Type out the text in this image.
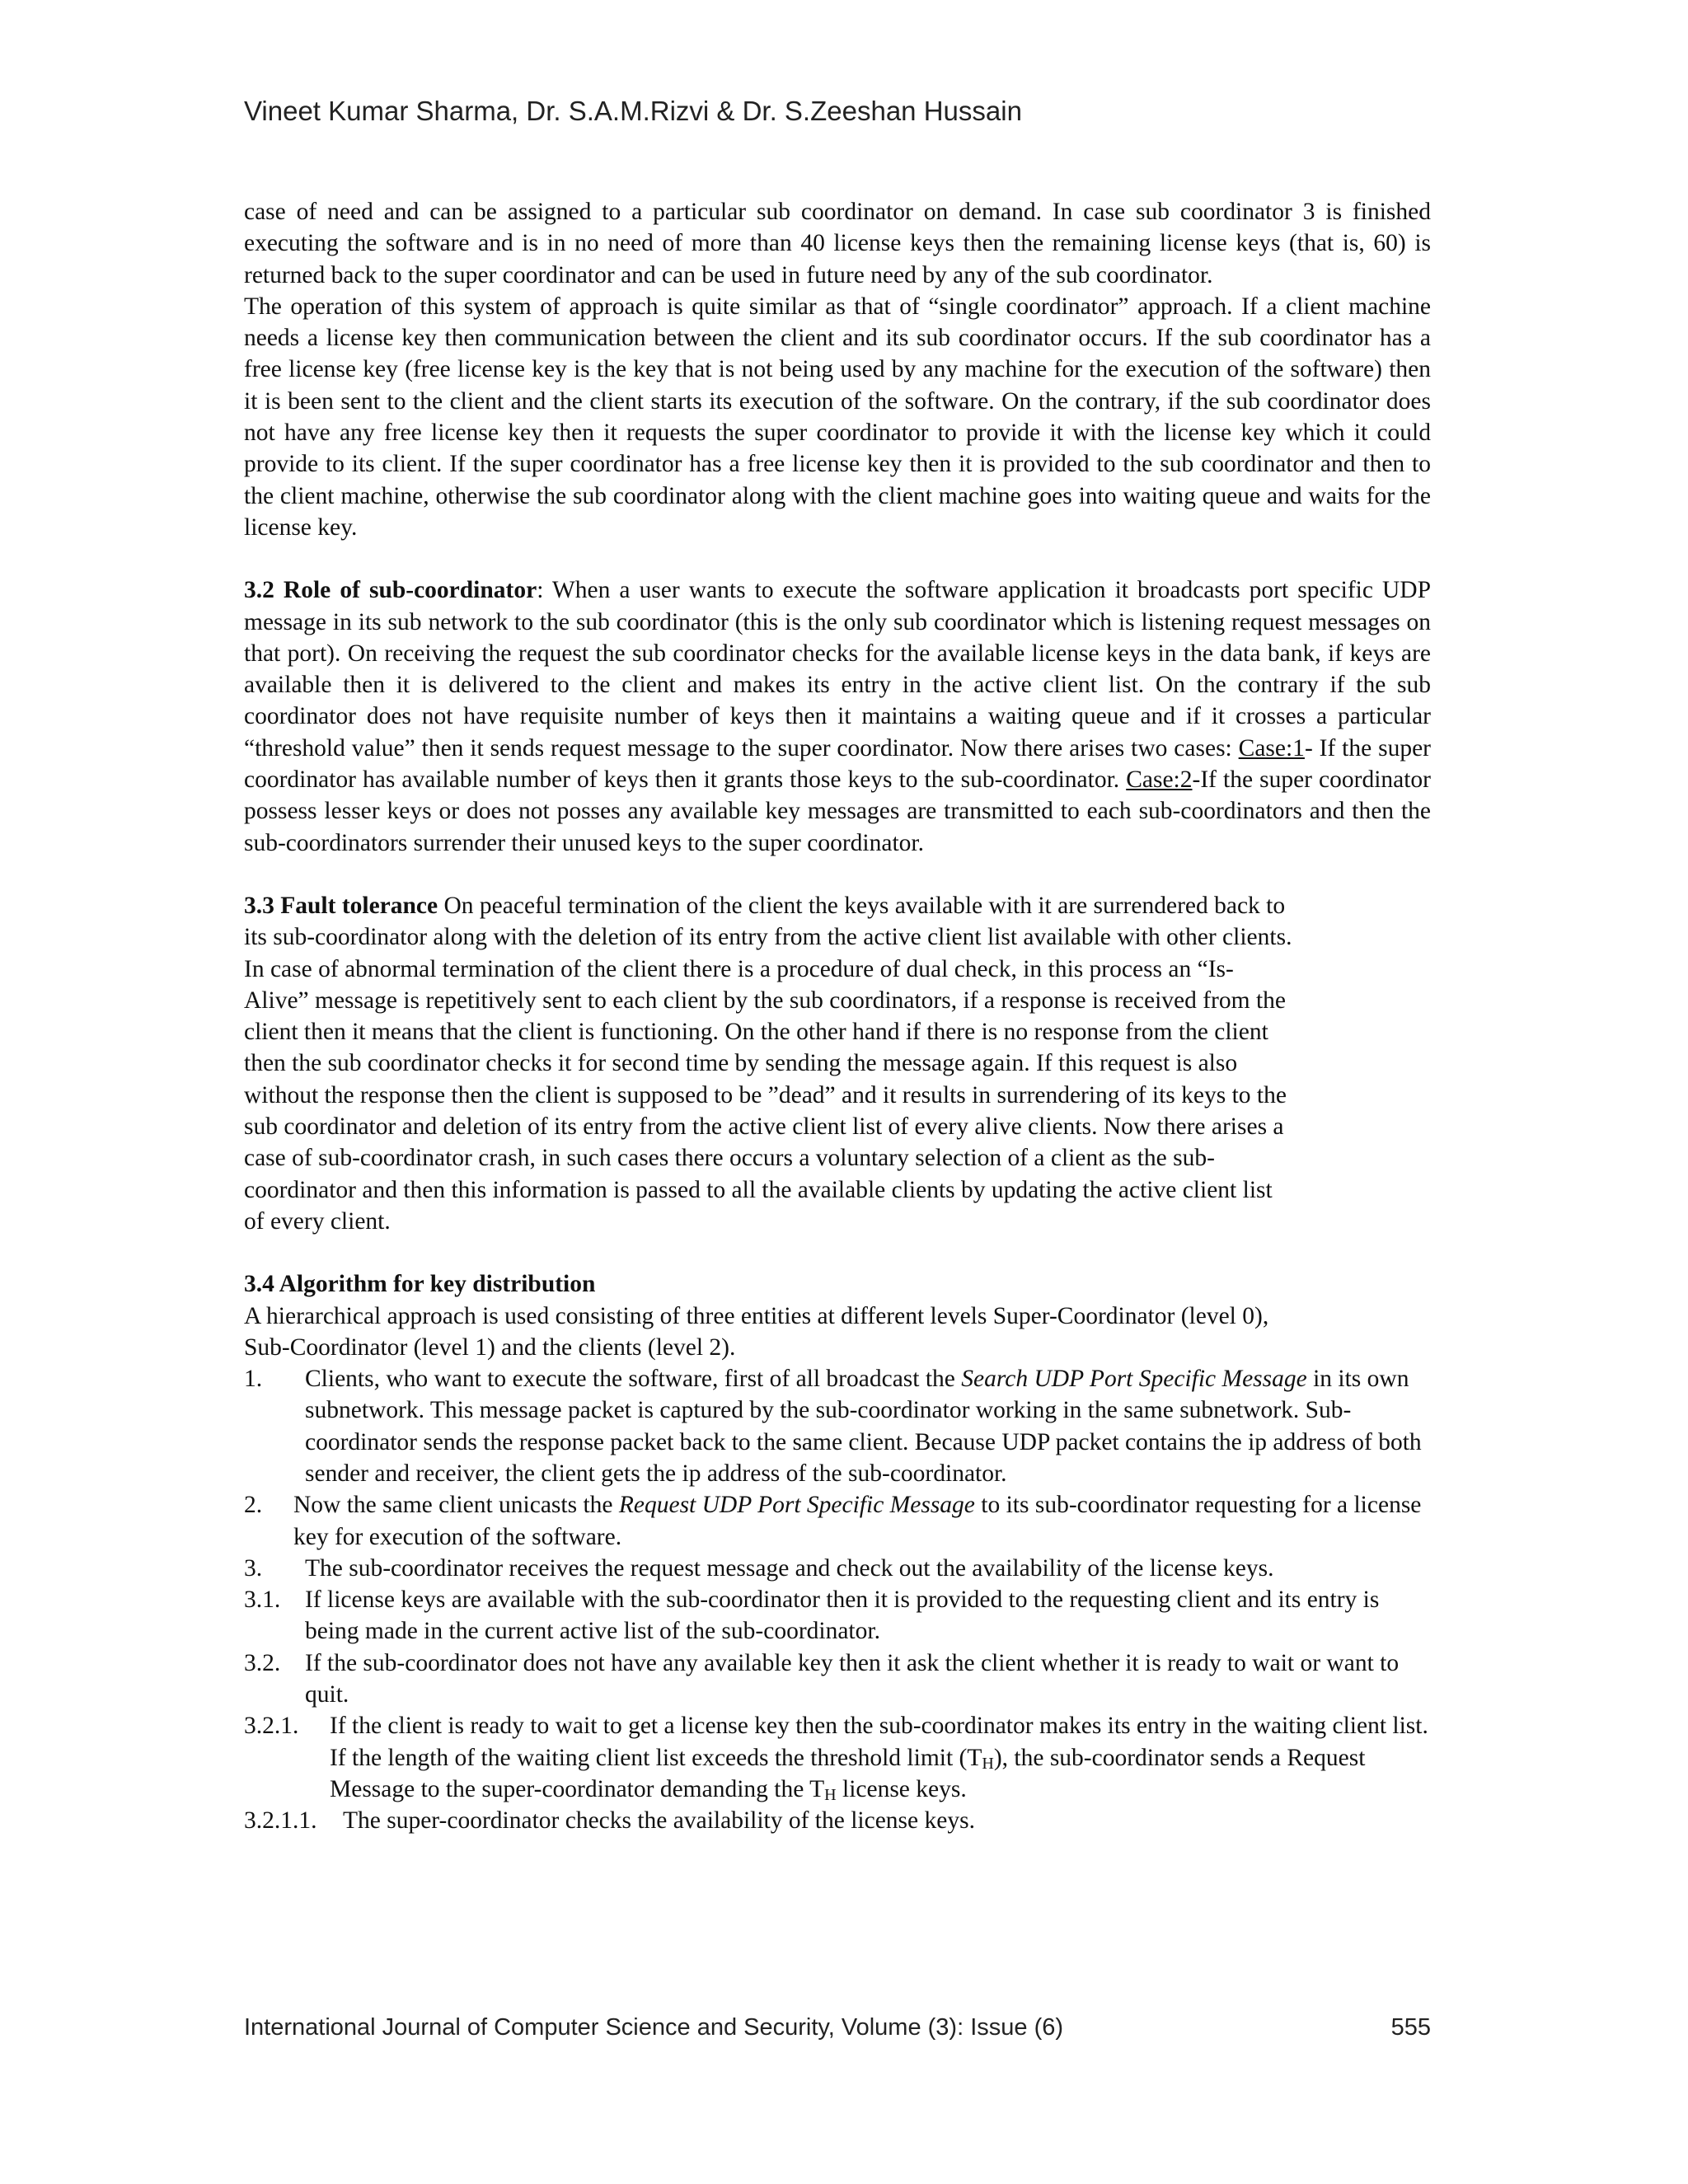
Vineet Kumar Sharma, Dr. S.A.M.Rizvi & Dr. S.Zeeshan Hussain

case of need and can be assigned to a particular sub coordinator on demand. In case sub coordinator 3 is finished executing the software and is in no need of more than 40 license keys then the remaining license keys (that is, 60) is returned back to the super coordinator and can be used in future need by any of the sub coordinator.

The operation of this system of approach is quite similar as that of “single coordinator” approach. If a client machine needs a license key then communication between the client and its sub coordinator occurs. If the sub coordinator has a free license key (free license key is the key that is not being used by any machine for the execution of the software) then it is been sent to the client and the client starts its execution of the software. On the contrary, if the sub coordinator does not have any free license key then it requests the super coordinator to provide it with the license key which it could provide to its client. If the super coordinator has a free license key then it is provided to the sub coordinator and then to the client machine, otherwise the sub coordinator along with the client machine goes into waiting queue and waits for the license key.

3.2 Role of sub-coordinator: When a user wants to execute the software application it broadcasts port specific UDP message in its sub network to the sub coordinator (this is the only sub coordinator which is listening request messages on that port). On receiving the request the sub coordinator checks for the available license keys in the data bank, if keys are available then it is delivered to the client and makes its entry in the active client list. On the contrary if the sub coordinator does not have requisite number of keys then it maintains a waiting queue and if it crosses a particular “threshold value” then it sends request message to the super coordinator. Now there arises two cases: Case:1- If the super coordinator has available number of keys then it grants those keys to the sub-coordinator. Case:2-If the super coordinator possess lesser keys or does not posses any available key messages are transmitted to each sub-coordinators and then the sub-coordinators surrender their unused keys to the super coordinator.

3.3 Fault tolerance On peaceful termination of the client the keys available with it are surrendered back to
its sub-coordinator along with the deletion of its entry from the active client list available with other clients.
In case of abnormal termination of the client there is a procedure of dual check, in this process an “Is-
Alive” message is repetitively sent to each client by the sub coordinators, if a response is received from the
client then it means that the client is functioning. On the other hand if there is no response from the client
then the sub coordinator checks it for second time by sending the message again. If this request is also
without the response then the client is supposed to be ”dead” and it results in surrendering of its keys to the
sub coordinator and deletion of its entry from the active client list of every alive clients. Now there arises a
case of sub-coordinator crash, in such cases there occurs a voluntary selection of a client as the sub-
coordinator and then this information is passed to all the available clients by updating the active client list
of every client.
3.4 Algorithm for key distribution
A hierarchical approach is used consisting of three entities at different levels Super-Coordinator (level 0),
Sub-Coordinator (level 1) and the clients (level 2).
1. Clients, who want to execute the software, first of all broadcast the Search UDP Port Specific Message in its own subnetwork. This message packet is captured by the sub-coordinator working in the same subnetwork. Sub-coordinator sends the response packet back to the same client. Because UDP packet contains the ip address of both sender and receiver, the client gets the ip address of the sub-coordinator.
2. Now the same client unicasts the Request UDP Port Specific Message to its sub-coordinator requesting for a license key for execution of the software.
3. The sub-coordinator receives the request message and check out the availability of the license keys.
3.1. If license keys are available with the sub-coordinator then it is provided to the requesting client and its entry is being made in the current active list of the sub-coordinator.
3.2. If the sub-coordinator does not have any available key then it ask the client whether it is ready to wait or want to quit.
3.2.1. If the client is ready to wait to get a license key then the sub-coordinator makes its entry in the waiting client list. If the length of the waiting client list exceeds the threshold limit $(T_H)$, the sub-coordinator sends a Request Message to the super-coordinator demanding the $T_H$ license keys.
3.2.1.1. The super-coordinator checks the availability of the license keys.
International Journal of Computer Science and Security, Volume (3): Issue (6)	555
